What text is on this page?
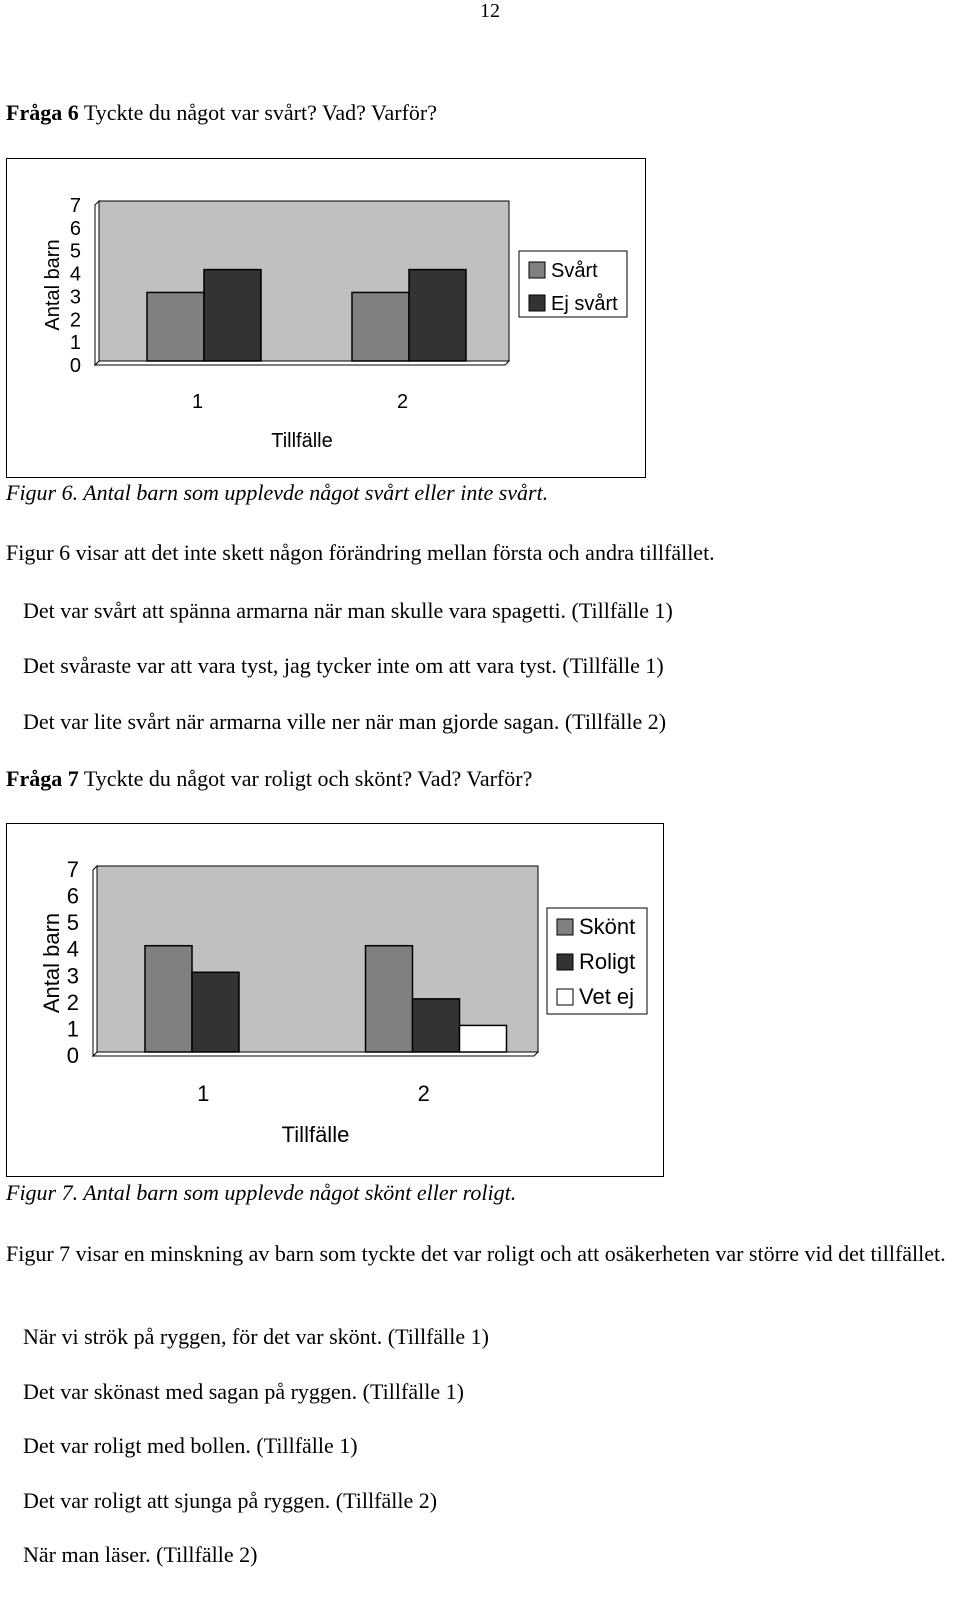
12
Fråga 6 Tyckte du något var svårt? Vad? Varför?
0
1
2
3
4
5
6
7
Antal barn
1	2
Tillfälle
Svårt
Ej svårt
Figur 6. Antal barn som upplevde något svårt eller inte svårt.
Figur 6 visar att det inte skett någon förändring mellan första och andra tillfället.
Det var svårt att spänna armarna när man skulle vara spagetti. (Tillfälle 1)
Det svåraste var att vara tyst, jag tycker inte om att vara tyst. (Tillfälle 1)
Det var lite svårt när armarna ville ner när man gjorde sagan. (Tillfälle 2)
Fråga 7 Tyckte du något var roligt och skönt? Vad? Varför?
0
1
2
3
4
5
6
7
Antal barn
1	2
Tillfälle
Skönt
Roligt
Vet ej
Figur 7. Antal barn som upplevde något skönt eller roligt.
Figur 7 visar en minskning av barn som tyckte det var roligt och att osäkerheten var större vid det tillfället.
När vi strök på ryggen, för det var skönt. (Tillfälle 1)
Det var skönast med sagan på ryggen. (Tillfälle 1)
Det var roligt med bollen. (Tillfälle 1)
Det var roligt att sjunga på ryggen. (Tillfälle 2)
När man läser. (Tillfälle 2)
